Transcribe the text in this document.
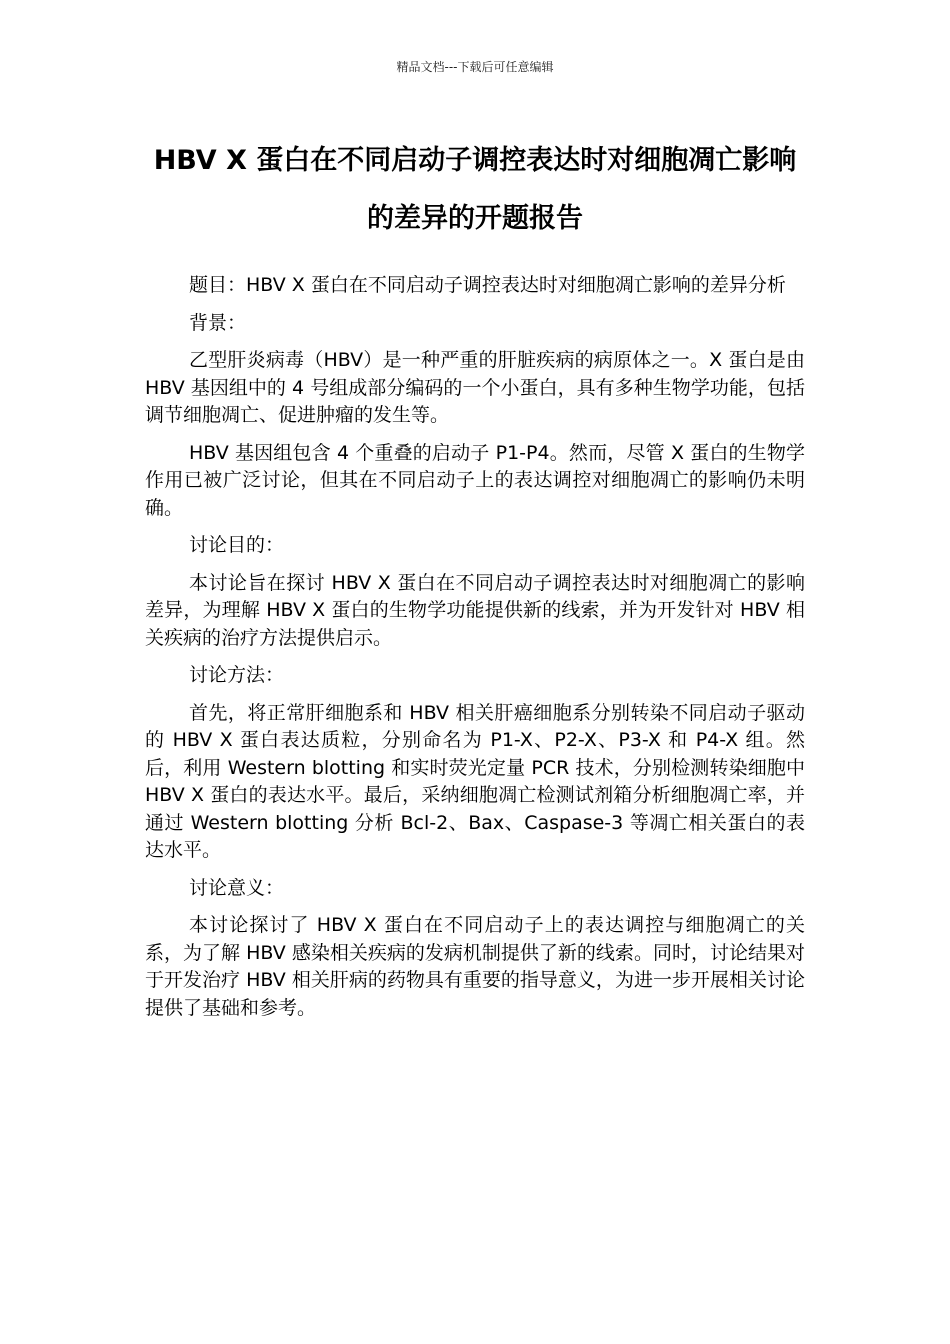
精品文档---下载后可任意编辑
HBV X 蛋白在不同启动子调控表达时对细胞凋亡影响的差异的开题报告

题目：HBV X 蛋白在不同启动子调控表达时对细胞凋亡影响的差异分析

背景：

乙型肝炎病毒（HBV）是一种严重的肝脏疾病的病原体之一。X 蛋白是由 HBV 基因组中的 4 号组成部分编码的一个小蛋白，具有多种生物学功能，包括调节细胞凋亡、促进肿瘤的发生等。

HBV 基因组包含 4 个重叠的启动子 P1-P4。然而，尽管 X 蛋白的生物学作用已被广泛讨论，但其在不同启动子上的表达调控对细胞凋亡的影响仍未明确。

讨论目的：

本讨论旨在探讨 HBV X 蛋白在不同启动子调控表达时对细胞凋亡的影响差异，为理解 HBV X 蛋白的生物学功能提供新的线索，并为开发针对 HBV 相关疾病的治疗方法提供启示。

讨论方法：

首先，将正常肝细胞系和 HBV 相关肝癌细胞系分别转染不同启动子驱动的 HBV X 蛋白表达质粒，分别命名为 P1-X、P2-X、P3-X 和 P4-X 组。然后，利用 Western blotting 和实时荧光定量 PCR 技术，分别检测转染细胞中 HBV X 蛋白的表达水平。最后，采纳细胞凋亡检测试剂箱分析细胞凋亡率，并通过 Western blotting 分析 Bcl-2、Bax、Caspase-3 等凋亡相关蛋白的表达水平。

讨论意义：

本讨论探讨了 HBV X 蛋白在不同启动子上的表达调控与细胞凋亡的关系，为了解 HBV 感染相关疾病的发病机制提供了新的线索。同时，讨论结果对于开发治疗 HBV 相关肝病的药物具有重要的指导意义，为进一步开展相关讨论提供了基础和参考。
